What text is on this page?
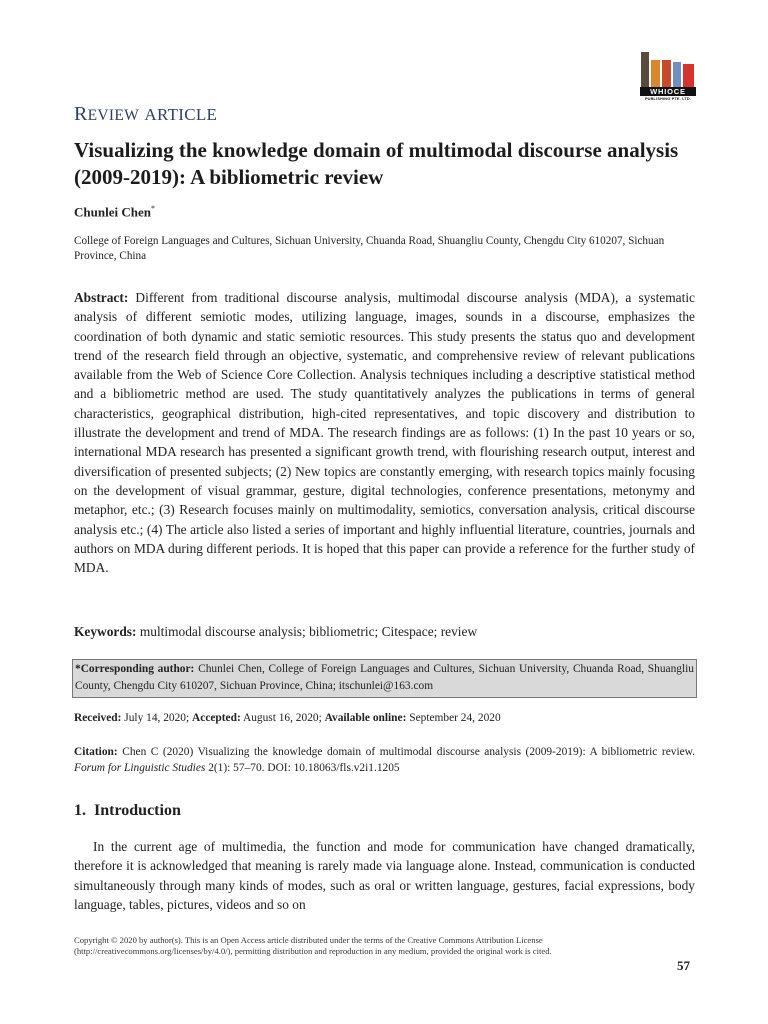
WHIOCE
PUBLISHING PTE. LTD.
REVIEW ARTICLE
Visualizing the knowledge domain of multimodal discourse analysis (2009-2019): A bibliometric review
Chunlei Chen*
College of Foreign Languages and Cultures, Sichuan University, Chuanda Road, Shuangliu County, Chengdu City 610207, Sichuan Province, China
Abstract: Different from traditional discourse analysis, multimodal discourse analysis (MDA), a systematic analysis of different semiotic modes, utilizing language, images, sounds in a discourse, emphasizes the coordination of both dynamic and static semiotic resources. This study presents the status quo and development trend of the research field through an objective, systematic, and comprehensive review of relevant publications available from the Web of Science Core Collection. Analysis techniques including a descriptive statistical method and a bibliometric method are used. The study quantitatively analyzes the publications in terms of general characteristics, geographical distribution, high-cited representatives, and topic discovery and distribution to illustrate the development and trend of MDA. The research findings are as follows: (1) In the past 10 years or so, international MDA research has presented a significant growth trend, with flourishing research output, interest and diversification of presented subjects; (2) New topics are constantly emerging, with research topics mainly focusing on the development of visual grammar, gesture, digital technologies, conference presentations, metonymy and metaphor, etc.; (3) Research focuses mainly on multimodality, semiotics, conversation analysis, critical discourse analysis etc.; (4) The article also listed a series of important and highly influential literature, countries, journals and authors on MDA during different periods. It is hoped that this paper can provide a reference for the further study of MDA.
Keywords: multimodal discourse analysis; bibliometric; Citespace; review
*Corresponding author: Chunlei Chen, College of Foreign Languages and Cultures, Sichuan University, Chuanda Road, Shuangliu County, Chengdu City 610207, Sichuan Province, China; itschunlei@163.com
Received: July 14, 2020; Accepted: August 16, 2020; Available online: September 24, 2020
Citation: Chen C (2020) Visualizing the knowledge domain of multimodal discourse analysis (2009-2019): A bibliometric review. Forum for Linguistic Studies 2(1): 57–70. DOI: 10.18063/fls.v2i1.1205
1. Introduction
In the current age of multimedia, the function and mode for communication have changed dramatically, therefore it is acknowledged that meaning is rarely made via language alone. Instead, communication is conducted simultaneously through many kinds of modes, such as oral or written language, gestures, facial expressions, body language, tables, pictures, videos and so on
Copyright © 2020 by author(s). This is an Open Access article distributed under the terms of the Creative Commons Attribution License (http://creativecommons.org/licenses/by/4.0/), permitting distribution and reproduction in any medium, provided the original work is cited.
57
